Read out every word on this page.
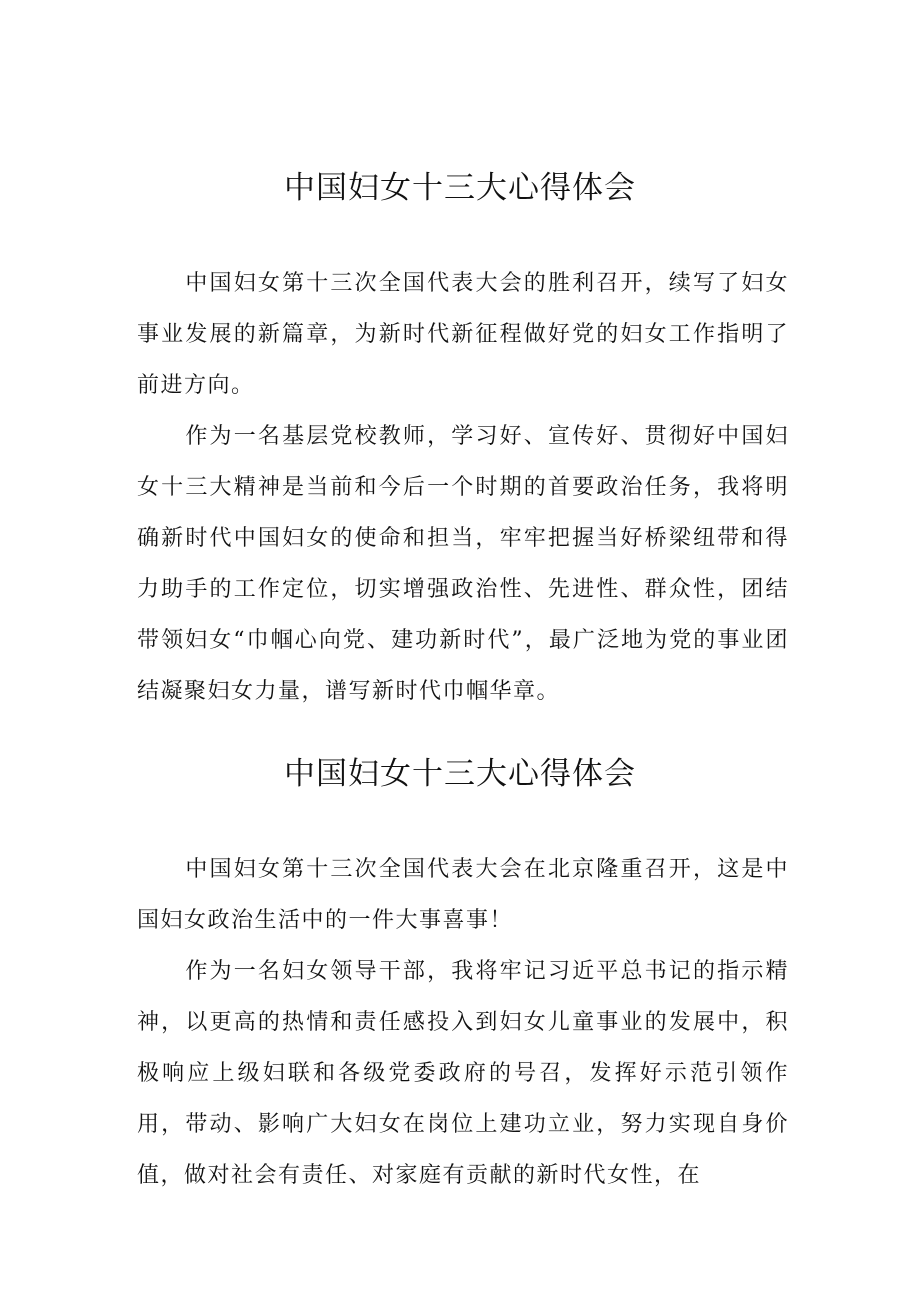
中国妇女十三大心得体会

中国妇女第十三次全国代表大会的胜利召开，续写了妇女事业发展的新篇章，为新时代新征程做好党的妇女工作指明了前进方向。

作为一名基层党校教师，学习好、宣传好、贯彻好中国妇女十三大精神是当前和今后一个时期的首要政治任务，我将明确新时代中国妇女的使命和担当，牢牢把握当好桥梁纽带和得力助手的工作定位，切实增强政治性、先进性、群众性，团结带领妇女“巾帼心向党、建功新时代”，最广泛地为党的事业团结凝聚妇女力量，谱写新时代巾帼华章。

中国妇女十三大心得体会

中国妇女第十三次全国代表大会在北京隆重召开，这是中国妇女政治生活中的一件大事喜事！

作为一名妇女领导干部，我将牢记习近平总书记的指示精神，以更高的热情和责任感投入到妇女儿童事业的发展中，积极响应上级妇联和各级党委政府的号召，发挥好示范引领作用，带动、影响广大妇女在岗位上建功立业，努力实现自身价值，做对社会有责任、对家庭有贡献的新时代女性，在
